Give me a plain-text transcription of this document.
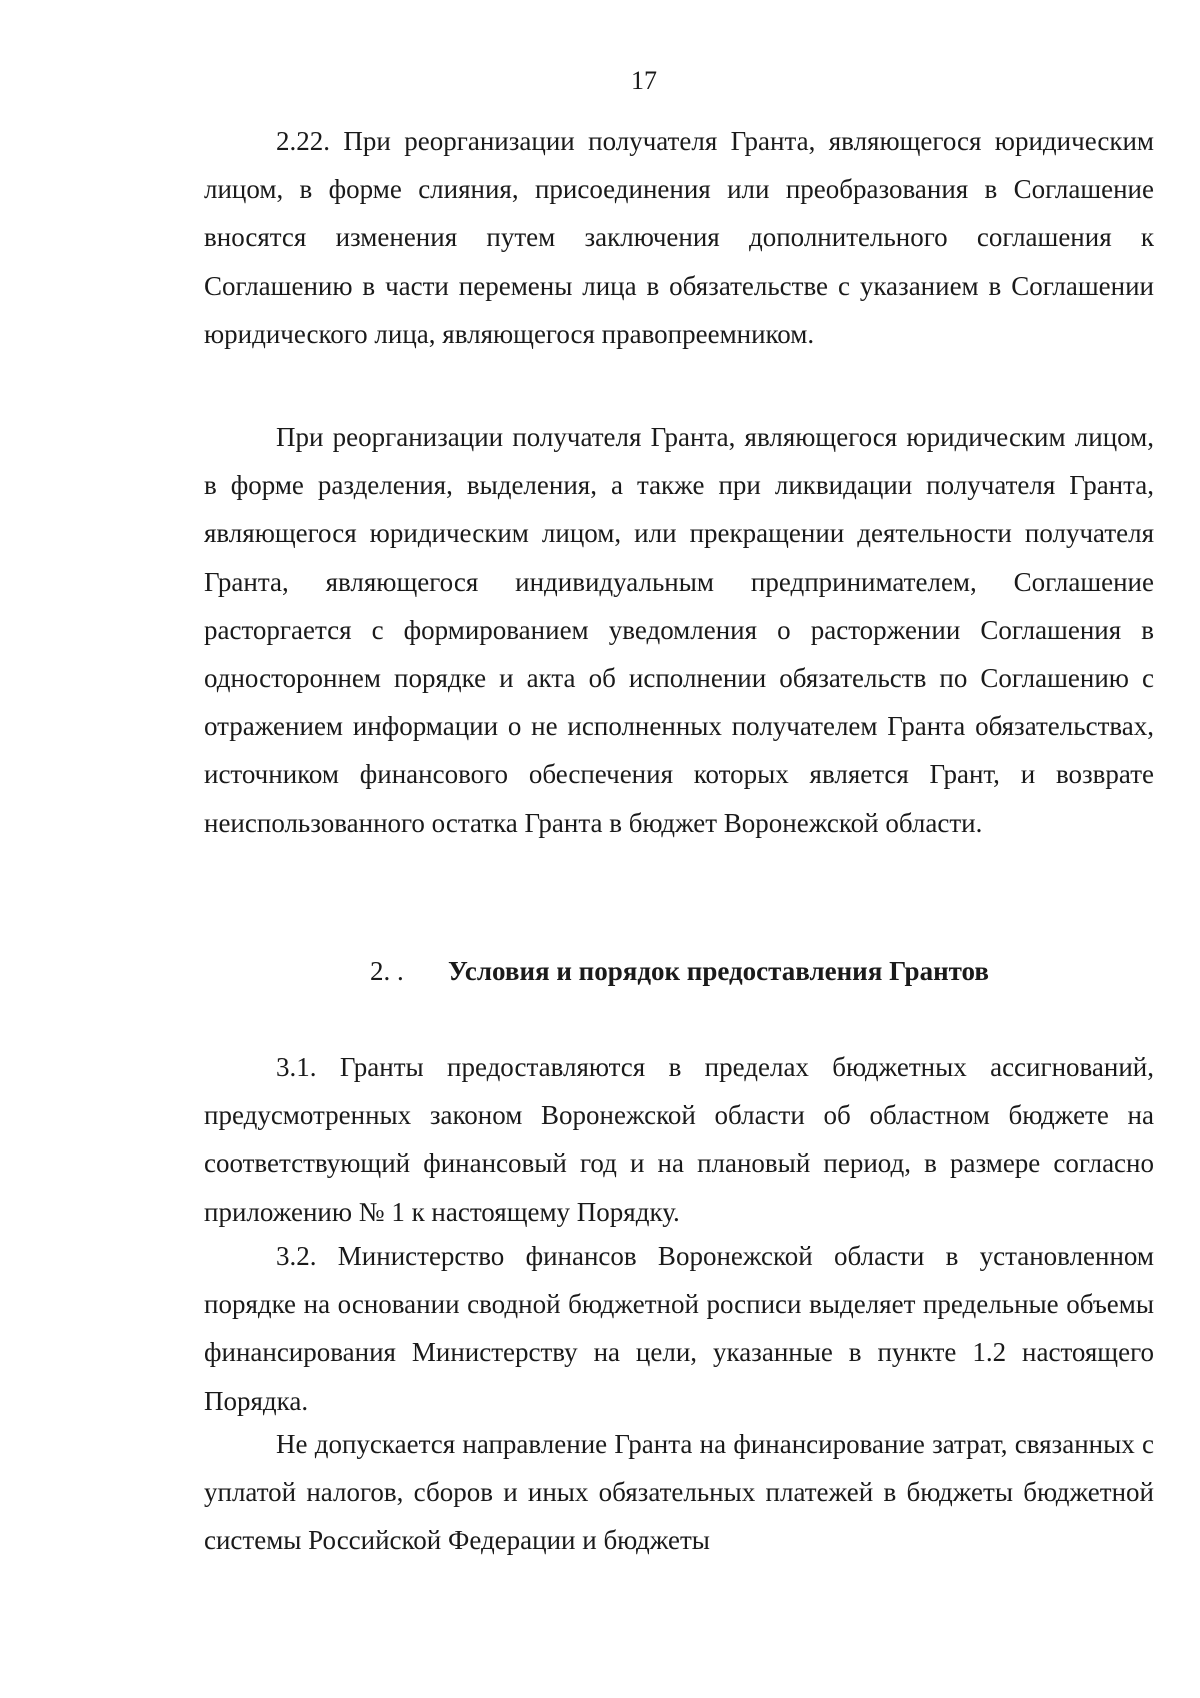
17

2.22. При реорганизации получателя Гранта, являющегося юридическим лицом, в форме слияния, присоединения или преобразования в Соглашение вносятся изменения путем заключения дополнительного соглашения к Соглашению в части перемены лица в обязательстве с указанием в Соглашении юридического лица, являющегося правопреемником.

При реорганизации получателя Гранта, являющегося юридическим лицом, в форме разделения, выделения, а также при ликвидации получателя Гранта, являющегося юридическим лицом, или прекращении деятельности получателя Гранта, являющегося индивидуальным предпринимателем, Соглашение расторгается с формированием уведомления о расторжении Соглашения в одностороннем порядке и акта об исполнении обязательств по Соглашению с отражением информации о не исполненных получателем Гранта обязательствах, источником финансового обеспечения которых является Грант, и возврате неиспользованного остатка Гранта в бюджет Воронежской области.

2. . Условия и порядок предоставления Грантов

3.1. Гранты предоставляются в пределах бюджетных ассигнований, предусмотренных законом Воронежской области об областном бюджете на соответствующий финансовый год и на плановый период, в размере согласно приложению № 1 к настоящему Порядку.

3.2. Министерство финансов Воронежской области в установленном порядке на основании сводной бюджетной росписи выделяет предельные объемы финансирования Министерству на цели, указанные в пункте 1.2 настоящего Порядка.

Не допускается направление Гранта на финансирование затрат, связанных с уплатой налогов, сборов и иных обязательных платежей в бюджеты бюджетной системы Российской Федерации и бюджеты
